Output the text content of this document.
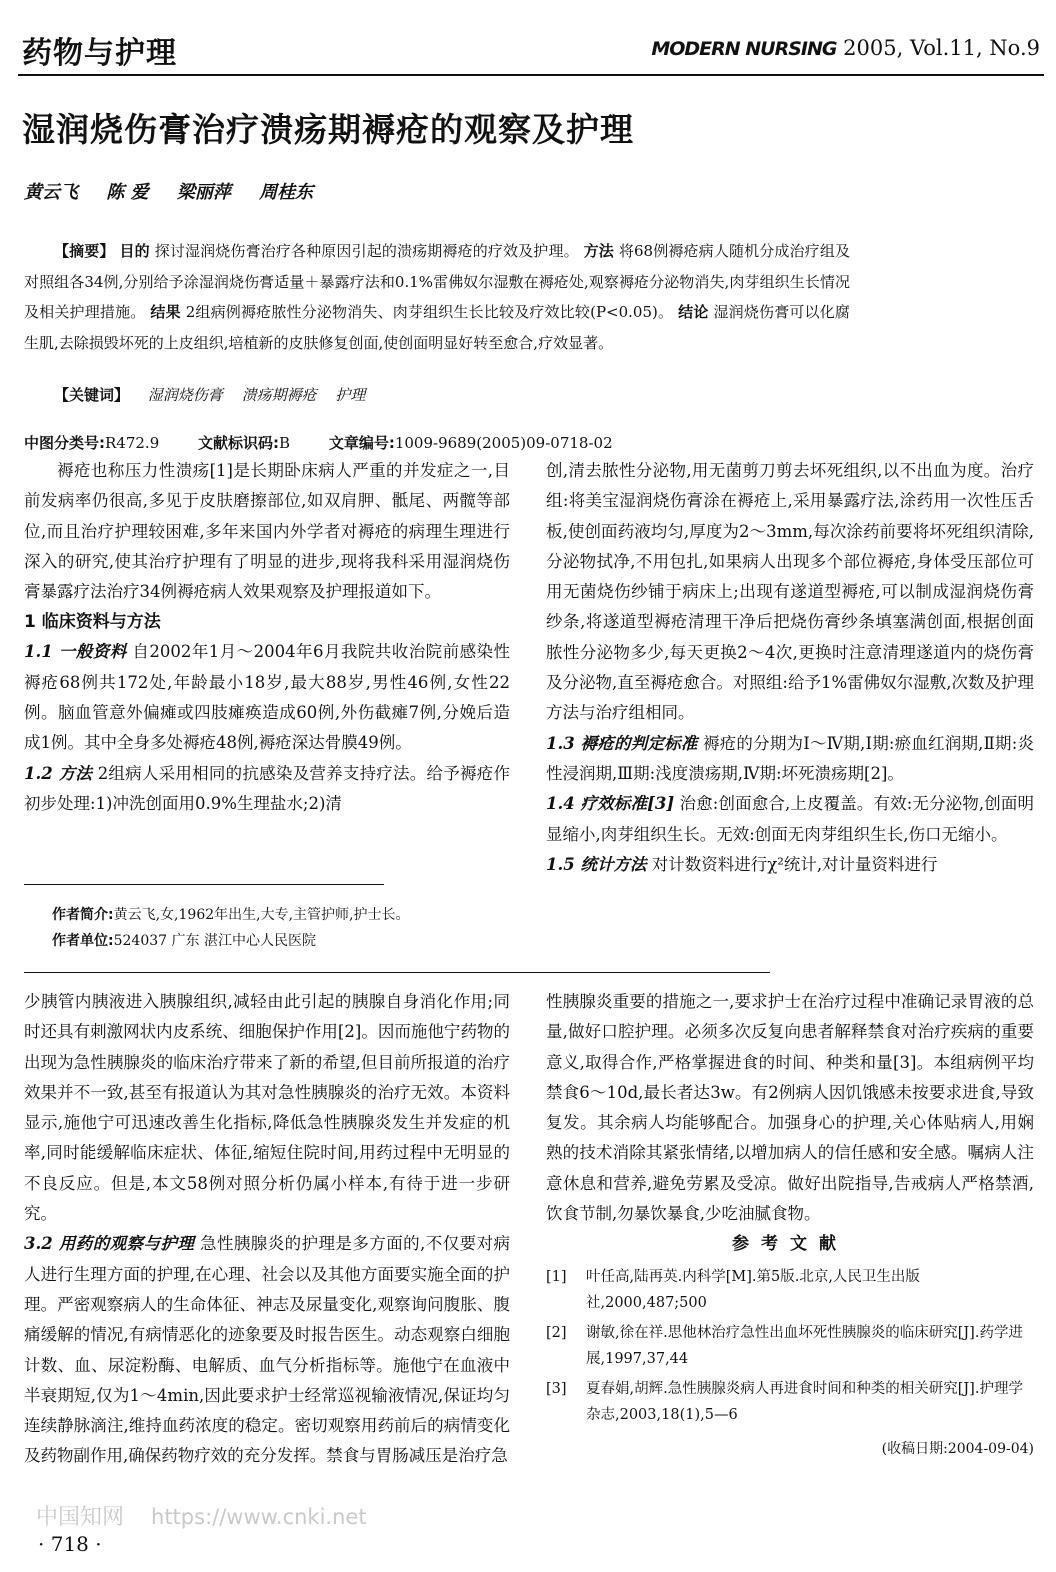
药物与护理	MODERN NURSING 2005, Vol.11, No.9
湿润烧伤膏治疗溃疡期褥疮的观察及护理
黄云飞 陈 爱 梁丽萍 周桂东
【摘要】 目的 探讨湿润烧伤膏治疗各种原因引起的溃疡期褥疮的疗效及护理。 方法 将68例褥疮病人随机分成治疗组及对照组各34例,分别给予涂湿润烧伤膏适量＋暴露疗法和0.1%雷佛奴尔湿敷在褥疮处,观察褥疮分泌物消失,肉芽组织生长情况及相关护理措施。 结果 2组病例褥疮脓性分泌物消失、肉芽组织生长比较及疗效比较(P<0.05)。 结论 湿润烧伤膏可以化腐生肌,去除损毁坏死的上皮组织,培植新的皮肤修复创面,使创面明显好转至愈合,疗效显著。
【关键词】 湿润烧伤膏 溃疡期褥疮 护理
中图分类号:R472.9	文献标识码:B	文章编号:1009-9689(2005)09-0718-02

褥疮也称压力性溃疡[1]是长期卧床病人严重的并发症之一,目前发病率仍很高,多见于皮肤磨擦部位,如双肩胛、骶尾、两髋等部位,而且治疗护理较困难,多年来国内外学者对褥疮的病理生理进行深入的研究,使其治疗护理有了明显的进步,现将我科采用湿润烧伤膏暴露疗法治疗34例褥疮病人效果观察及护理报道如下。

1 临床资料与方法

1.1 一般资料 自2002年1月～2004年6月我院共收治院前感染性褥疮68例共172处,年龄最小18岁,最大88岁,男性46例,女性22例。脑血管意外偏瘫或四肢瘫痪造成60例,外伤截瘫7例,分娩后造成1例。其中全身多处褥疮48例,褥疮深达骨膜49例。

1.2 方法 2组病人采用相同的抗感染及营养支持疗法。给予褥疮作初步处理:1)冲洗创面用0.9%生理盐水;2)清

作者简介:黄云飞,女,1962年出生,大专,主管护师,护士长。
作者单位:524037 广东 湛江中心人民医院

创,清去脓性分泌物,用无菌剪刀剪去坏死组织,以不出血为度。治疗组:将美宝湿润烧伤膏涂在褥疮上,采用暴露疗法,涂药用一次性压舌板,使创面药液均匀,厚度为2～3mm,每次涂药前要将坏死组织清除,分泌物拭净,不用包扎,如果病人出现多个部位褥疮,身体受压部位可用无菌烧伤纱铺于病床上;出现有遂道型褥疮,可以制成湿润烧伤膏纱条,将遂道型褥疮清理干净后把烧伤膏纱条填塞满创面,根据创面脓性分泌物多少,每天更换2～4次,更换时注意清理遂道内的烧伤膏及分泌物,直至褥疮愈合。对照组:给予1%雷佛奴尔湿敷,次数及护理方法与治疗组相同。

1.3 褥疮的判定标准 褥疮的分期为Ⅰ～Ⅳ期,Ⅰ期:瘀血红润期,Ⅱ期:炎性浸润期,Ⅲ期:浅度溃疡期,Ⅳ期:坏死溃疡期[2]。

1.4 疗效标准[3] 治愈:创面愈合,上皮覆盖。有效:无分泌物,创面明显缩小,肉芽组织生长。无效:创面无肉芽组织生长,伤口无缩小。

1.5 统计方法 对计数资料进行χ²统计,对计量资料进行

少胰管内胰液进入胰腺组织,减轻由此引起的胰腺自身消化作用;同时还具有刺激网状内皮系统、细胞保护作用[2]。因而施他宁药物的出现为急性胰腺炎的临床治疗带来了新的希望,但目前所报道的治疗效果并不一致,甚至有报道认为其对急性胰腺炎的治疗无效。本资料显示,施他宁可迅速改善生化指标,降低急性胰腺炎发生并发症的机率,同时能缓解临床症状、体征,缩短住院时间,用药过程中无明显的不良反应。但是,本文58例对照分析仍属小样本,有待于进一步研究。

3.2 用药的观察与护理 急性胰腺炎的护理是多方面的,不仅要对病人进行生理方面的护理,在心理、社会以及其他方面要实施全面的护理。严密观察病人的生命体征、神志及尿量变化,观察询问腹胀、腹痛缓解的情况,有病情恶化的迹象要及时报告医生。动态观察白细胞计数、血、尿淀粉酶、电解质、血气分析指标等。施他宁在血液中半衰期短,仅为1～4min,因此要求护士经常巡视输液情况,保证均匀连续静脉滴注,维持血药浓度的稳定。密切观察用药前后的病情变化及药物副作用,确保药物疗效的充分发挥。禁食与胃肠减压是治疗急

性胰腺炎重要的措施之一,要求护士在治疗过程中准确记录胃液的总量,做好口腔护理。必须多次反复向患者解释禁食对治疗疾病的重要意义,取得合作,严格掌握进食的时间、种类和量[3]。本组病例平均禁食6～10d,最长者达3w。有2例病人因饥饿感未按要求进食,导致复发。其余病人均能够配合。加强身心的护理,关心体贴病人,用娴熟的技术消除其紧张情绪,以增加病人的信任感和安全感。嘱病人注意休息和营养,避免劳累及受凉。做好出院指导,告戒病人严格禁酒,饮食节制,勿暴饮暴食,少吃油腻食物。

参考文献
[1] 叶任高,陆再英.内科学[M].第5版.北京,人民卫生出版社,2000,487;500
[2] 谢敏,徐在祥.思他林治疗急性出血坏死性胰腺炎的临床研究[J].药学进展,1997,37,44
[3] 夏春娟,胡辉.急性胰腺炎病人再进食时间和种类的相关研究[J].护理学杂志,2003,18(1),5—6
(收稿日期:2004-09-04)
中国知网 https://www.cnki.net
· 718 ·
